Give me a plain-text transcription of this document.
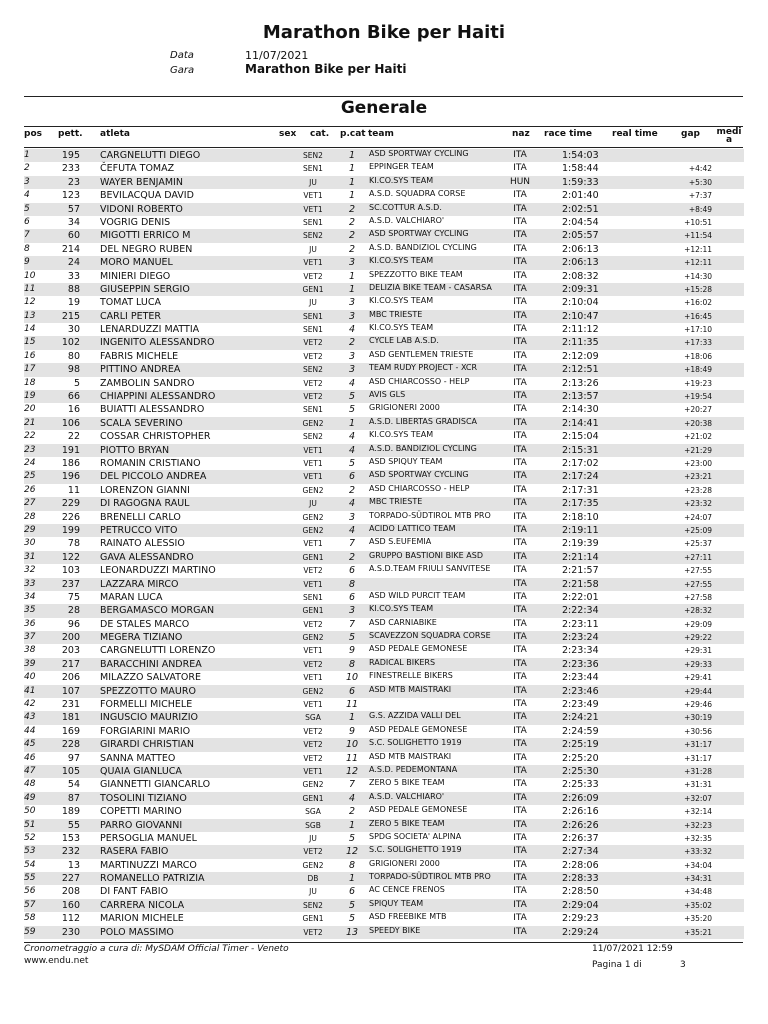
Marathon Bike per Haiti
Data	11/07/2021
Gara	Marathon Bike per Haiti
Generale
pos pett. atleta	sex cat. p.cat team	naz race time real time	gap medi a
1	195 CARGNELUTTI DIEGO	SEN2	1	ASD SPORTWAY CYCLING	ITA	1:54:03
2	233 ČEFUTA TOMAZ	SEN1	1	EPPINGER TEAM	ITA	1:58:44	+4:42
3	23 WAYER BENJAMIN	JU	1	KI.CO.SYS TEAM	HUN	1:59:33	+5:30
4	123 BEVILACQUA DAVID	VET1	1	A.S.D. SQUADRA CORSE	ITA	2:01:40	+7:37
5	57 VIDONI ROBERTO	VET1	2	SC.COTTUR A.S.D.	ITA	2:02:51	+8:49
6	34 VOGRIG DENIS	SEN1	2	A.S.D. VALCHIARO'	ITA	2:04:54	+10:51
7	60 MIGOTTI ERRICO M	SEN2	2	ASD SPORTWAY CYCLING	ITA	2:05:57	+11:54
8	214 DEL NEGRO RUBEN	JU	2	A.S.D. BANDIZIOL CYCLING	ITA	2:06:13	+12:11
9	24 MORO MANUEL	VET1	3	KI.CO.SYS TEAM	ITA	2:06:13	+12:11
10	33 MINIERI DIEGO	VET2	1	SPEZZOTTO BIKE TEAM	ITA	2:08:32	+14:30
11	88 GIUSEPPIN SERGIO	GEN1	1	DELIZIA BIKE TEAM - CASARSA	ITA	2:09:31	+15:28
12	19 TOMAT LUCA	JU	3	KI.CO.SYS TEAM	ITA	2:10:04	+16:02
13	215 CARLI PETER	SEN1	3	MBC TRIESTE	ITA	2:10:47	+16:45
14	30 LENARDUZZI MATTIA	SEN1	4	KI.CO.SYS TEAM	ITA	2:11:12	+17:10
15	102 INGENITO ALESSANDRO	VET2	2	CYCLE LAB A.S.D.	ITA	2:11:35	+17:33
16	80 FABRIS MICHELE	VET2	3	ASD GENTLEMEN TRIESTE	ITA	2:12:09	+18:06
17	98 PITTINO ANDREA	SEN2	3	TEAM RUDY PROJECT - XCR	ITA	2:12:51	+18:49
18	5 ZAMBOLIN SANDRO	VET2	4	ASD CHIARCOSSO - HELP	ITA	2:13:26	+19:23
19	66 CHIAPPINI ALESSANDRO	VET2	5	AVIS GLS	ITA	2:13:57	+19:54
20	16 BUIATTI ALESSANDRO	SEN1	5	GRIGIONERI 2000	ITA	2:14:30	+20:27
21	106 SCALA SEVERINO	GEN2	1	A.S.D. LIBERTAS GRADISCA	ITA	2:14:41	+20:38
22	22 COSSAR CHRISTOPHER	SEN2	4	KI.CO.SYS TEAM	ITA	2:15:04	+21:02
23	191 PIOTTO BRYAN	VET1	4	A.S.D. BANDIZIOL CYCLING	ITA	2:15:31	+21:29
24	186 ROMANIN CRISTIANO	VET1	5	ASD SPIQUY TEAM	ITA	2:17:02	+23:00
25	196 DEL PICCOLO ANDREA	VET1	6	ASD SPORTWAY CYCLING	ITA	2:17:24	+23:21
26	11 LORENZON GIANNI	GEN2	2	ASD CHIARCOSSO - HELP	ITA	2:17:31	+23:28
27	229 DI RAGOGNA RAUL	JU	4	MBC TRIESTE	ITA	2:17:35	+23:32
28	226 BRENELLI CARLO	GEN2	3	TORPADO-SÜDTIROL MTB PRO	ITA	2:18:10	+24:07
29	199 PETRUCCO VITO	GEN2	4	ACIDO LATTICO TEAM	ITA	2:19:11	+25:09
30	78 RAINATO ALESSIO	VET1	7	ASD S.EUFEMIA	ITA	2:19:39	+25:37
31	122 GAVA ALESSANDRO	GEN1	2	GRUPPO BASTIONI BIKE ASD	ITA	2:21:14	+27:11
32	103 LEONARDUZZI MARTINO	VET2	6	A.S.D.TEAM FRIULI SANVITESE	ITA	2:21:57	+27:55
33	237 LAZZARA MIRCO	VET1	8	ITA	2:21:58	+27:55
34	75 MARAN LUCA	SEN1	6	ASD WILD PURCIT TEAM	ITA	2:22:01	+27:58
35	28 BERGAMASCO MORGAN	GEN1	3	KI.CO.SYS TEAM	ITA	2:22:34	+28:32
36	96 DE STALES MARCO	VET2	7	ASD CARNIABIKE	ITA	2:23:11	+29:09
37	200 MEGERA TIZIANO	GEN2	5	SCAVEZZON SQUADRA CORSE	ITA	2:23:24	+29:22
38	203 CARGNELUTTI LORENZO	VET1	9	ASD PEDALE GEMONESE	ITA	2:23:34	+29:31
39	217 BARACCHINI ANDREA	VET2	8	RADICAL BIKERS	ITA	2:23:36	+29:33
40	206 MILAZZO SALVATORE	VET1	10 FINESTRELLE BIKERS	ITA	2:23:44	+29:41
41	107 SPEZZOTTO MAURO	GEN2	6	ASD MTB MAISTRAKI	ITA	2:23:46	+29:44
42	231 FORMELLI MICHELE	VET1	11	ITA	2:23:49	+29:46
43	181 INGUSCIO MAURIZIO	SGA	1	G.S. AZZIDA VALLI DEL	ITA	2:24:21	+30:19
44	169 FORGIARINI MARIO	VET2	9	ASD PEDALE GEMONESE	ITA	2:24:59	+30:56
45	228 GIRARDI CHRISTIAN	VET2	10 S.C. SOLIGHETTO 1919	ITA	2:25:19	+31:17
46	97 SANNA MATTEO	VET2	11 ASD MTB MAISTRAKI	ITA	2:25:20	+31:17
47	105 QUAIA GIANLUCA	VET1	12 A.S.D. PEDEMONTANA	ITA	2:25:30	+31:28
48	54 GIANNETTI GIANCARLO	GEN2	7	ZERO 5 BIKE TEAM	ITA	2:25:33	+31:31
49	87 TOSOLINI TIZIANO	GEN1	4	A.S.D. VALCHIARO'	ITA	2:26:09	+32:07
50	189 COPETTI MARINO	SGA	2	ASD PEDALE GEMONESE	ITA	2:26:16	+32:14
51	55 PARRO GIOVANNI	SGB	1	ZERO 5 BIKE TEAM	ITA	2:26:26	+32:23
52	153 PERSOGLIA MANUEL	JU	5	SPDG SOCIETA' ALPINA	ITA	2:26:37	+32:35
53	232 RASERA FABIO	VET2	12 S.C. SOLIGHETTO 1919	ITA	2:27:34	+33:32
54	13 MARTINUZZI MARCO	GEN2	8	GRIGIONERI 2000	ITA	2:28:06	+34:04
55	227 ROMANELLO PATRIZIA	DB	1	TORPADO-SÜDTIROL MTB PRO	ITA	2:28:33	+34:31
56	208 DI FANT FABIO	JU	6	AC CENCE FRENOS	ITA	2:28:50	+34:48
57	160 CARRERA NICOLA	SEN2	5	SPIQUY TEAM	ITA	2:29:04	+35:02
58	112 MARION MICHELE	GEN1	5	ASD FREEBIKE MTB	ITA	2:29:23	+35:20
59	230 POLO MASSIMO	VET2	13 SPEEDY BIKE	ITA	2:29:24	+35:21
Cronometraggio a cura di: MySDAM Official Timer - Veneto
www.endu.net
11/07/2021 12:59
Pagina 1 di	3
